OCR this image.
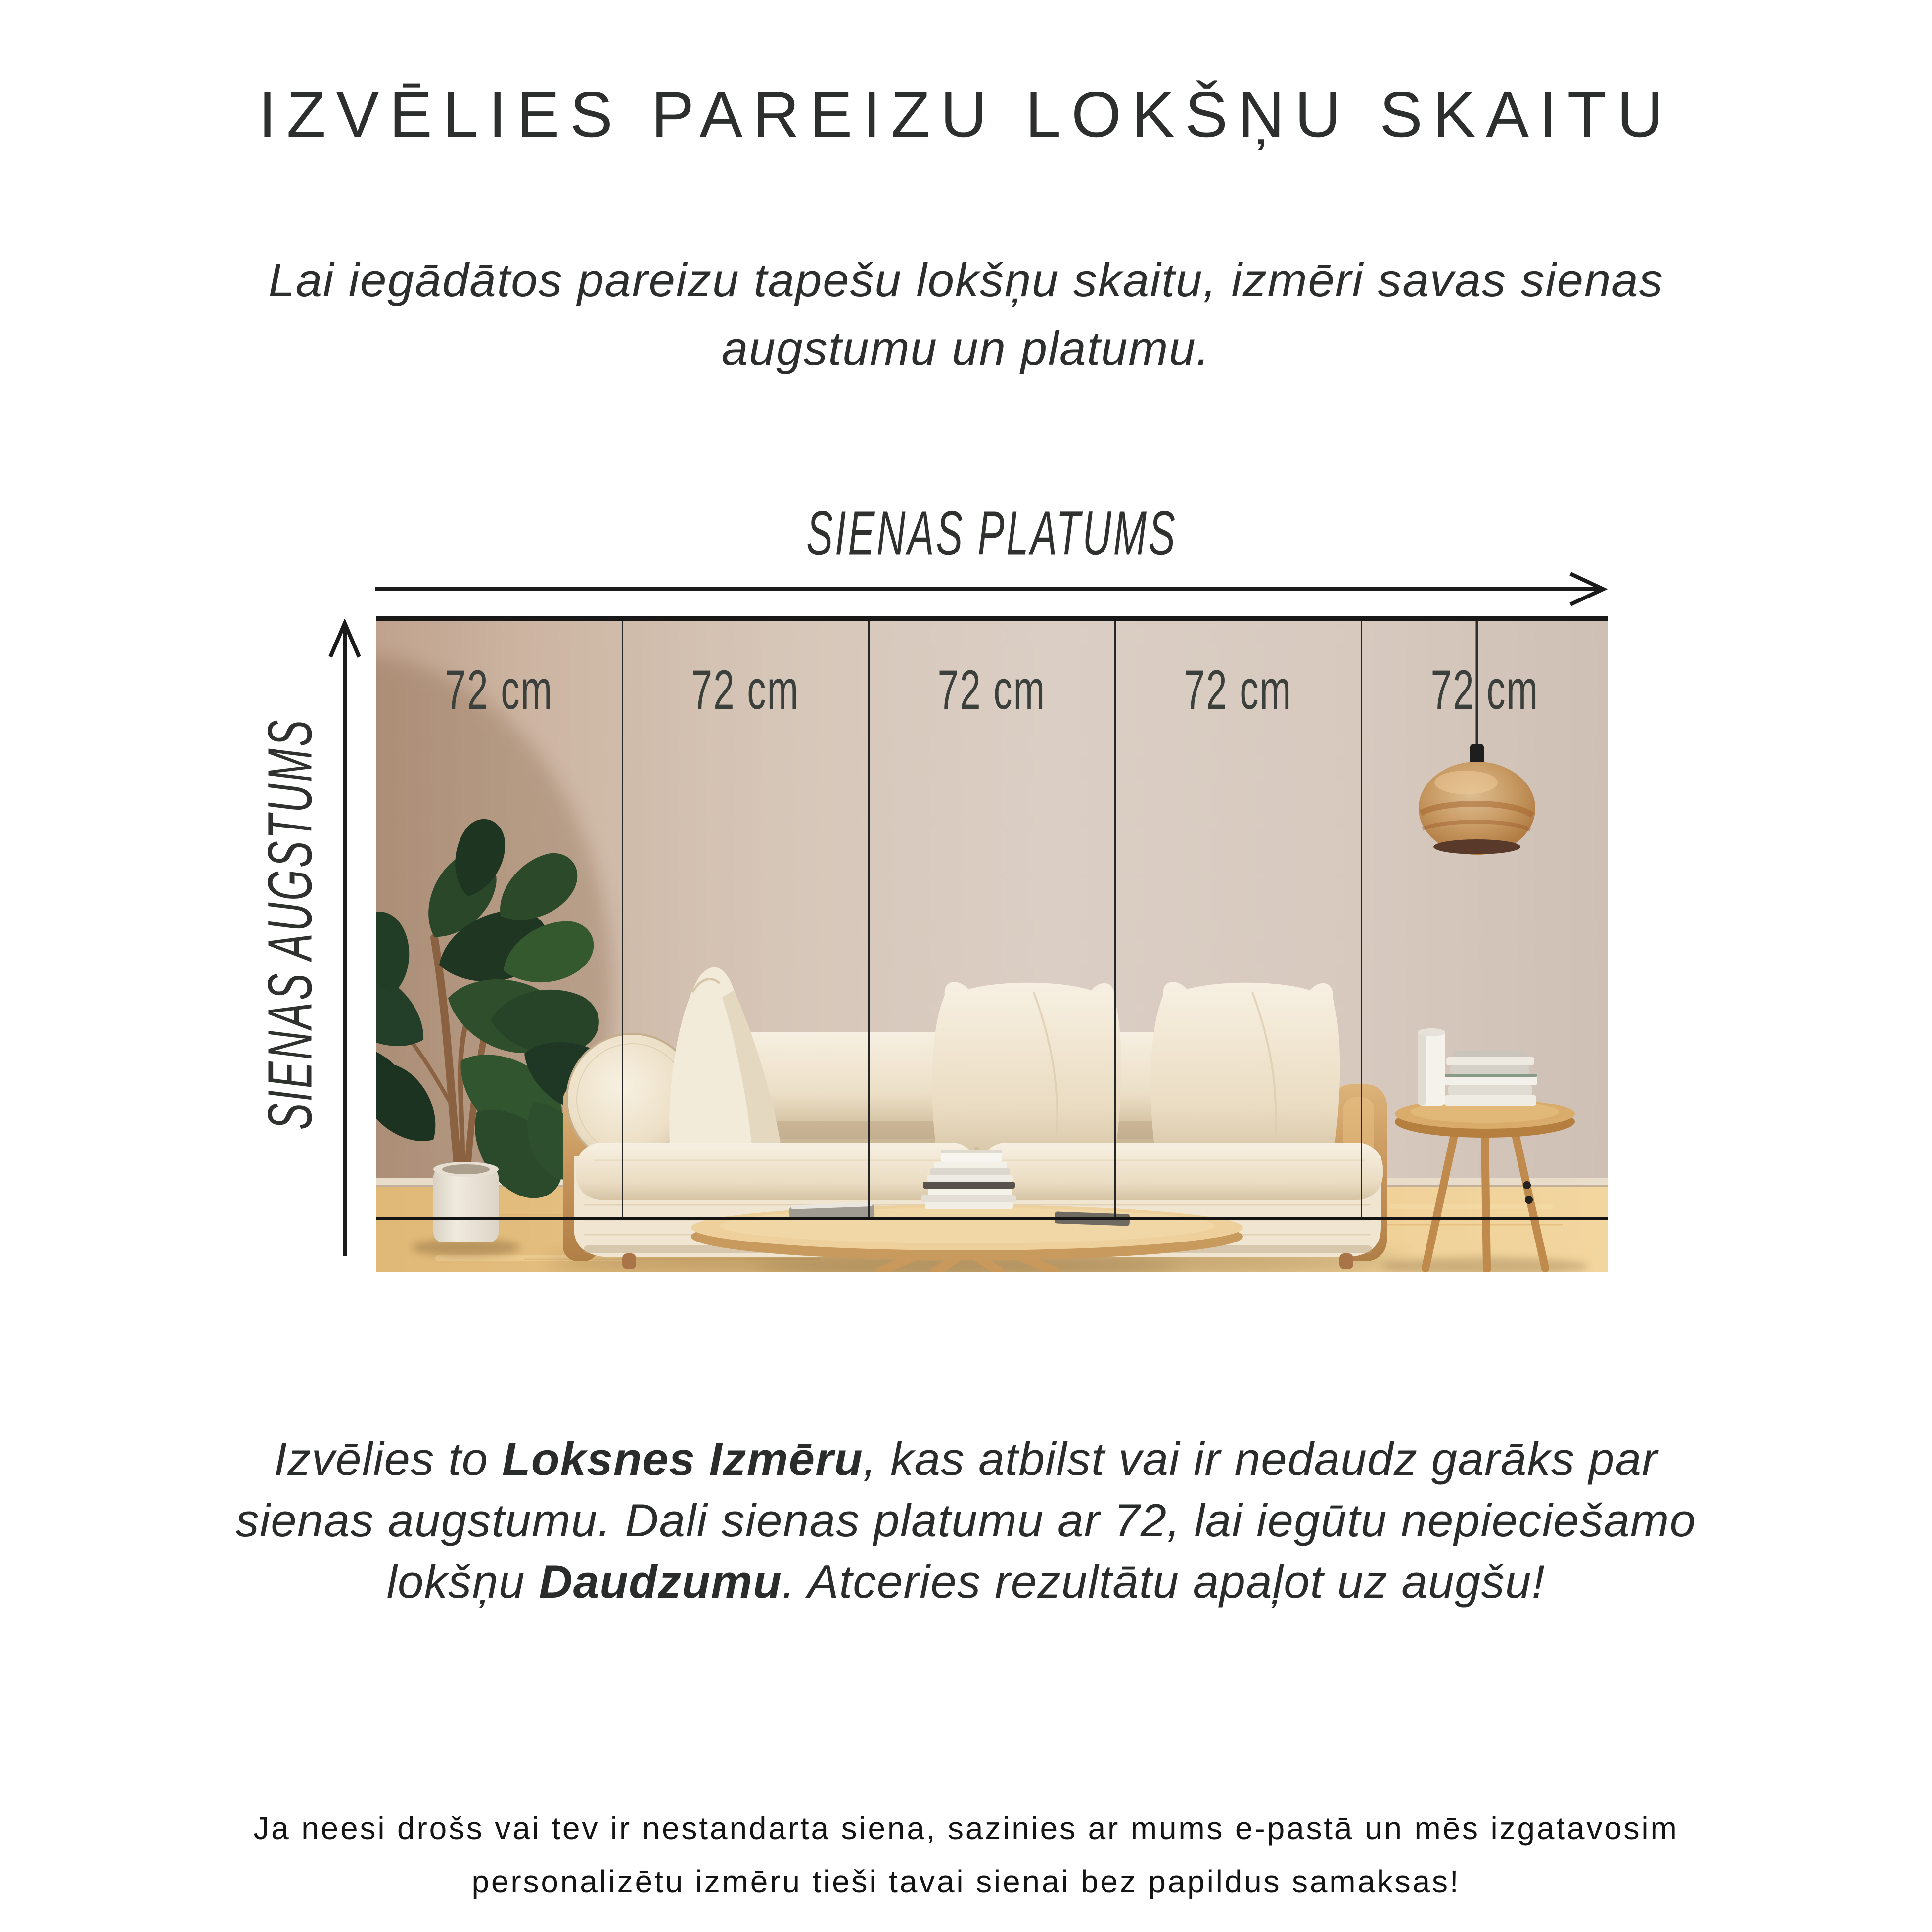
IZVĒLIES PAREIZU LOKŠŅU SKAITU
Lai iegādātos pareizu tapešu lokšņu skaitu, izmēri savas sienas
augstumu un platumu.
SIENAS PLATUMS
SIENAS AUGSTUMS
72 cm 72 cm 72 cm 72 cm	72 cm
Izvēlies to Loksnes Izmēru, kas atbilst vai ir nedaudz garāks par
sienas augstumu. Dali sienas platumu ar 72, lai iegūtu nepieciešamo
lokšņu Daudzumu. Atceries rezultātu apaļot uz augšu!
Ja neesi drošs vai tev ir nestandarta siena, sazinies ar mums e-pastā un mēs izgatavosim
personalizētu izmēru tieši tavai sienai bez papildus samaksas!
